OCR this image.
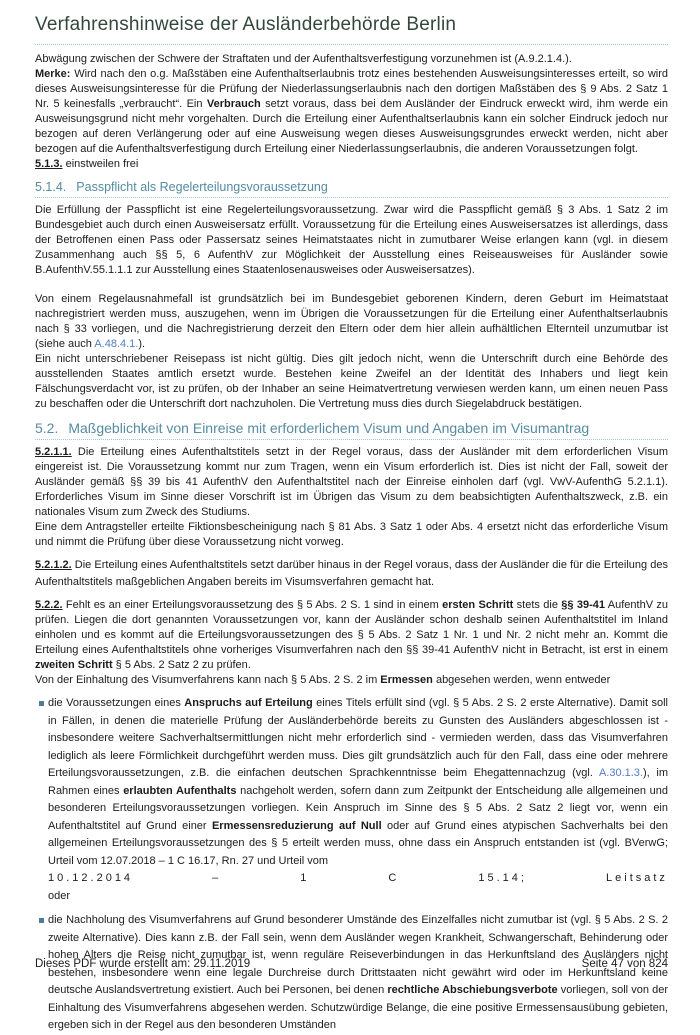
Verfahrenshinweise der Ausländerbehörde Berlin
Abwägung zwischen der Schwere der Straftaten und der Aufenthaltsverfestigung vorzunehmen ist (A.9.2.1.4.).
Merke: Wird nach den o.g. Maßstäben eine Aufenthaltserlaubnis trotz eines bestehenden Ausweisungsinteresses erteilt, so wird dieses Ausweisungsinteresse für die Prüfung der Niederlassungserlaubnis nach den dortigen Maßstäben des § 9 Abs. 2 Satz 1 Nr. 5 keinesfalls „verbraucht“. Ein Verbrauch setzt voraus, dass bei dem Ausländer der Eindruck erweckt wird, ihm werde ein Ausweisungsgrund nicht mehr vorgehalten. Durch die Erteilung einer Aufenthaltserlaubnis kann ein solcher Eindruck jedoch nur bezogen auf deren Verlängerung oder auf eine Ausweisung wegen dieses Ausweisungsgrundes erweckt werden, nicht aber bezogen auf die Aufenthaltsverfestigung durch Erteilung einer Niederlassungserlaubnis, die anderen Voraussetzungen folgt.
5.1.3. einstweilen frei
5.1.4. Passpflicht als Regelerteilungsvoraussetzung
Die Erfüllung der Passpflicht ist eine Regelerteilungsvoraussetzung. Zwar wird die Passpflicht gemäß § 3 Abs. 1 Satz 2 im Bundesgebiet auch durch einen Ausweisersatz erfüllt. Voraussetzung für die Erteilung eines Ausweisersatzes ist allerdings, dass der Betroffenen einen Pass oder Passersatz seines Heimatstaates nicht in zumutbarer Weise erlangen kann (vgl. in diesem Zusammenhang auch §§ 5, 6 AufenthV zur Möglichkeit der Ausstellung eines Reiseausweises für Ausländer sowie B.AufenthV.55.1.1.1 zur Ausstellung eines Staatenlosenausweises oder Ausweisersatzes).
Von einem Regelausnahmefall ist grundsätzlich bei im Bundesgebiet geborenen Kindern, deren Geburt im Heimatstaat nachregistriert werden muss, auszugehen, wenn im Übrigen die Voraussetzungen für die Erteilung einer Aufenthaltserlaubnis nach § 33 vorliegen, und die Nachregistrierung derzeit den Eltern oder dem hier allein aufhältlichen Elternteil unzumutbar ist (siehe auch A.48.4.1.).
Ein nicht unterschriebener Reisepass ist nicht gültig. Dies gilt jedoch nicht, wenn die Unterschrift durch eine Behörde des ausstellenden Staates amtlich ersetzt wurde. Bestehen keine Zweifel an der Identität des Inhabers und liegt kein Fälschungsverdacht vor, ist zu prüfen, ob der Inhaber an seine Heimatvertretung verwiesen werden kann, um einen neuen Pass zu beschaffen oder die Unterschrift dort nachzuholen. Die Vertretung muss dies durch Siegelabdruck bestätigen.
5.2. Maßgeblichkeit von Einreise mit erforderlichem Visum und Angaben im Visumantrag
5.2.1.1. Die Erteilung eines Aufenthaltstitels setzt in der Regel voraus, dass der Ausländer mit dem erforderlichen Visum eingereist ist. Die Voraussetzung kommt nur zum Tragen, wenn ein Visum erforderlich ist. Dies ist nicht der Fall, soweit der Ausländer gemäß §§ 39 bis 41 AufenthV den Aufenthaltstitel nach der Einreise einholen darf (vgl. VwV-AufenthG 5.2.1.1). Erforderliches Visum im Sinne dieser Vorschrift ist im Übrigen das Visum zu dem beabsichtigten Aufenthaltszweck, z.B. ein nationales Visum zum Zweck des Studiums.
Eine dem Antragsteller erteilte Fiktionsbescheinigung nach § 81 Abs. 3 Satz 1 oder Abs. 4 ersetzt nicht das erforderliche Visum und nimmt die Prüfung über diese Voraussetzung nicht vorweg.
5.2.1.2. Die Erteilung eines Aufenthaltstitels setzt darüber hinaus in der Regel voraus, dass der Ausländer die für die Erteilung des Aufenthaltstitels maßgeblichen Angaben bereits im Visumsverfahren gemacht hat.
5.2.2. Fehlt es an einer Erteilungsvoraussetzung des § 5 Abs. 2 S. 1 sind in einem ersten Schritt stets die §§ 39-41 AufenthV zu prüfen. Liegen die dort genannten Voraussetzungen vor, kann der Ausländer schon deshalb seinen Aufenthaltstitel im Inland einholen und es kommt auf die Erteilungsvoraussetzungen des § 5 Abs. 2 Satz 1 Nr. 1 und Nr. 2 nicht mehr an. Kommt die Erteilung eines Aufenthaltstitels ohne vorheriges Visumverfahren nach den §§ 39-41 AufenthV nicht in Betracht, ist erst in einem zweiten Schritt § 5 Abs. 2 Satz 2 zu prüfen.
Von der Einhaltung des Visumverfahrens kann nach § 5 Abs. 2 S. 2 im Ermessen abgesehen werden, wenn entweder
die Voraussetzungen eines Anspruchs auf Erteilung eines Titels erfüllt sind (vgl. § 5 Abs. 2 S. 2 erste Alternative). Damit soll in Fällen, in denen die materielle Prüfung der Ausländerbehörde bereits zu Gunsten des Ausländers abgeschlossen ist - insbesondere weitere Sachverhaltsermittlungen nicht mehr erforderlich sind - vermieden werden, dass das Visumverfahren lediglich als leere Förmlichkeit durchgeführt werden muss. Dies gilt grundsätzlich auch für den Fall, dass eine oder mehrere Erteilungsvoraussetzungen, z.B. die einfachen deutschen Sprachkenntnisse beim Ehegattennachzug (vgl. A.30.1.3.), im Rahmen eines erlaubten Aufenthalts nachgeholt werden, sofern dann zum Zeitpunkt der Entscheidung alle allgemeinen und besonderen Erteilungsvoraussetzungen vorliegen. Kein Anspruch im Sinne des § 5 Abs. 2 Satz 2 liegt vor, wenn ein Aufenthaltstitel auf Grund einer Ermessensreduzierung auf Null oder auf Grund eines atypischen Sachverhalts bei den allgemeinen Erteilungsvoraussetzungen des § 5 erteilt werden muss, ohne dass ein Anspruch entstanden ist (vgl. BVerwG; Urteil vom 12.07.2018 – 1 C 16.17, Rn. 27 und Urteil vom
10.12.2014	–	1	C	15.14;	Leitsatz
oder
die Nachholung des Visumverfahrens auf Grund besonderer Umstände des Einzelfalles nicht zumutbar ist (vgl. § 5 Abs. 2 S. 2 zweite Alternative). Dies kann z.B. der Fall sein, wenn dem Ausländer wegen Krankheit, Schwangerschaft, Behinderung oder hohen Alters die Reise nicht zumutbar ist, wenn reguläre Reiseverbindungen in das Herkunftsland des Ausländers nicht bestehen, insbesondere wenn eine legale Durchreise durch Drittstaaten nicht gewährt wird oder im Herkunftsland keine deutsche Auslandsvertretung existiert. Auch bei Personen, bei denen rechtliche Abschiebungsverbote vorliegen, soll von der Einhaltung des Visumverfahrens abgesehen werden. Schutzwürdige Belange, die eine positive Ermessensausübung gebieten, ergeben sich in der Regel aus den besonderen Umständen
Dieses PDF wurde erstellt am: 29.11.2019	Seite 47 von 824
